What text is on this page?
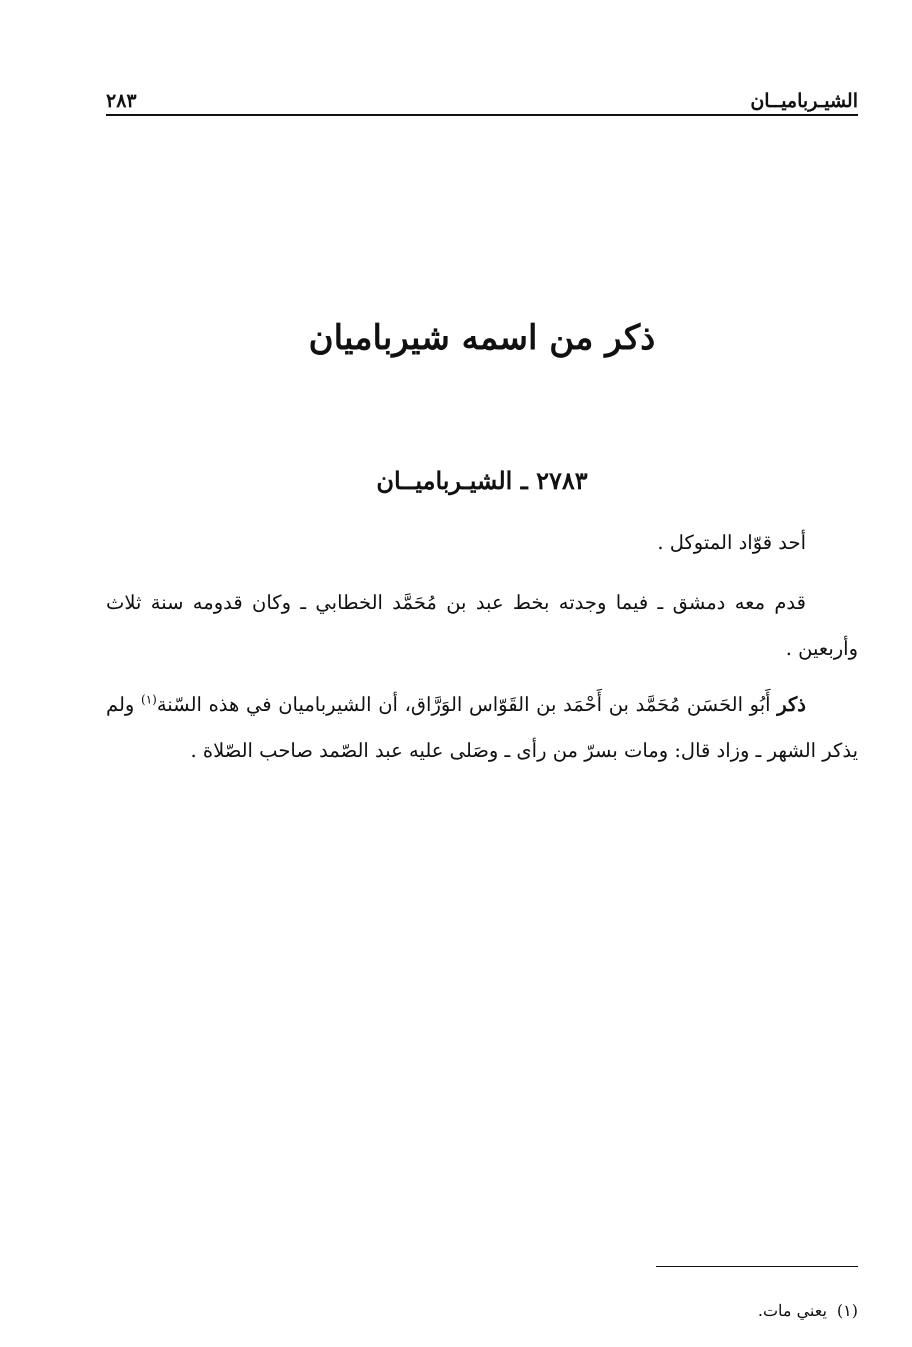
الشيـرباميــان
٢٨٣
ذكر من اسمه شيرباميان
٢٧٨٣ ـ الشيـرباميــان

أحد قوّاد المتوكل .

قدم معه دمشق ـ فيما وجدته بخط عبد بن مُحَمَّد الخطابي ـ وكان قدومه سنة ثلاث وأربعين .

ذكر أَبُو الحَسَن مُحَمَّد بن أَحْمَد بن القَوّاس الوَرَّاق، أن الشيرباميان في هذه السّنة$^{(١)}$ ولم يذكر الشهر ـ وزاد قال: ومات بسرّ من رأى ـ وصَلى عليه عبد الصّمد صاحب الصّلاة .

(١)يعني مات.
